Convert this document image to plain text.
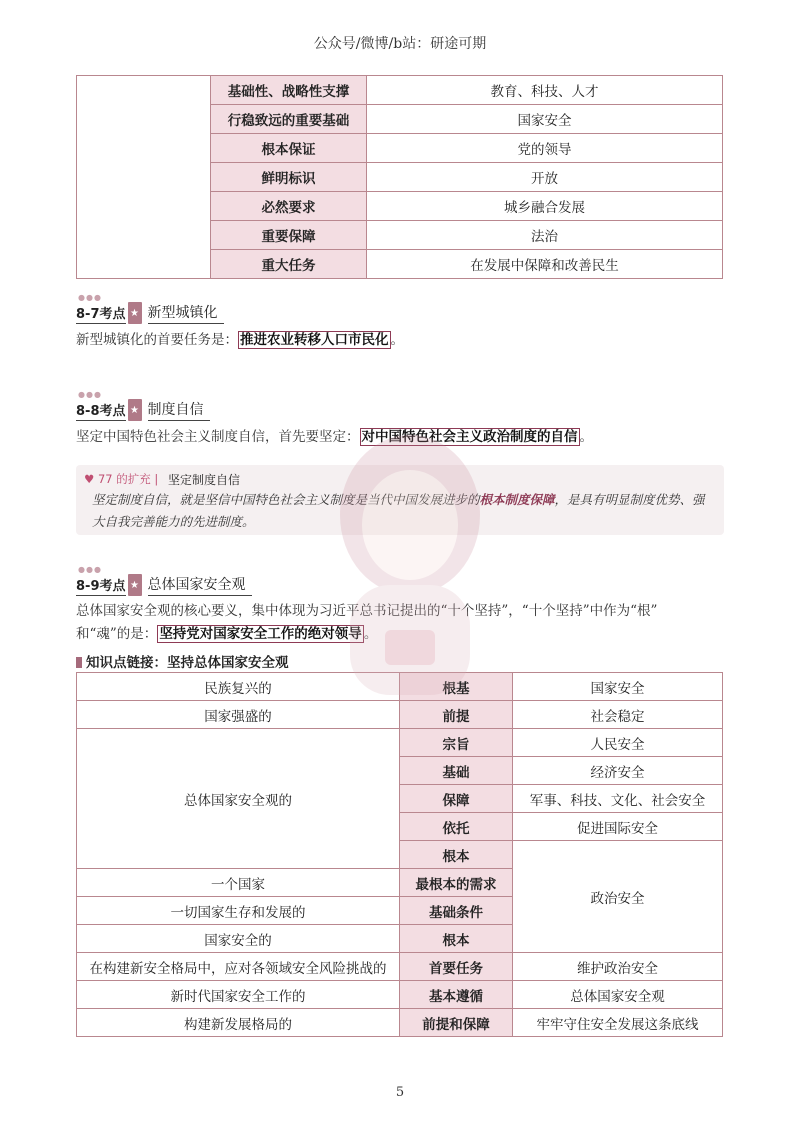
公众号/微博/b站：研途可期
	基础性、战略性支撑	教育、科技、人才
	行稳致远的重要基础	国家安全
	根本保证	党的领导
	鲜明标识	开放
	必然要求	城乡融合发展
	重要保障	法治
	重大任务	在发展中保障和改善民生
●●●
8-7考点 ★ 新型城镇化
新型城镇化的首要任务是： 推进农业转移人口市民化 。
●●●
8-8考点 ★ 制度自信
坚定中国特色社会主义制度自信，首先要坚定： 对中国特色社会主义政治制度的自信 。
♥ 77 的扩充 | 坚定制度自信
坚定制度自信，就是坚信中国特色社会主义制度是当代中国发展进步的根本制度保障，是具有明显制度优势、强大自我完善能力的先进制度。
●●●
8-9考点 ★ 总体国家安全观
总体国家安全观的核心要义，集中体现为习近平总书记提出的“十个坚持”，“十个坚持”中作为“根”
和“魂”的是： 坚持党对国家安全工作的绝对领导 。
知识点链接：坚持总体国家安全观
民族复兴的	根基	国家安全
国家强盛的	前提	社会稳定
总体国家安全观的	宗旨	人民安全
	基础	经济安全
	保障	军事、科技、文化、社会安全
	依托	促进国际安全
	根本	政治安全
一个国家	最根本的需求	
一切国家生存和发展的	基础条件	
国家安全的	根本	
在构建新安全格局中，应对各领域安全风险挑战的	首要任务	维护政治安全
新时代国家安全工作的	基本遵循	总体国家安全观
构建新发展格局的	前提和保障	牢牢守住安全发展这条底线
5
